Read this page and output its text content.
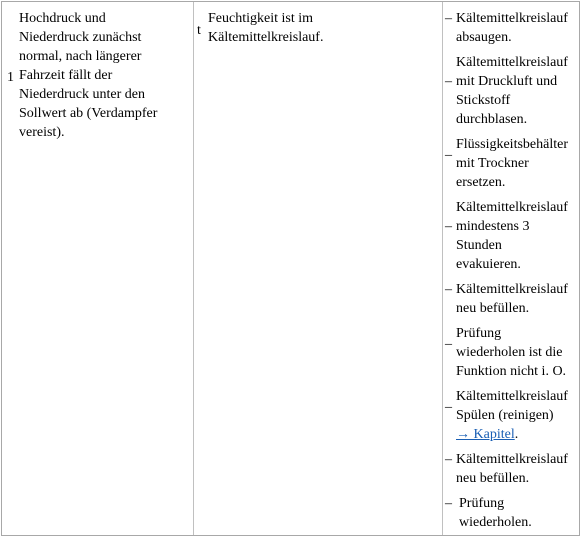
1
Hochdruck und
Niederdruck zunächst
normal, nach längerer
Fahrzeit fällt der
Niederdruck unter den
Sollwert ab (Verdampfer
vereist).
t
Feuchtigkeit ist im
Kältemittelkreislauf.
– Kältemittelkreislauf
absaugen.
–
Kältemittelkreislauf
mit Druckluft und
Stickstoff
durchblasen.
_ Flüssigkeitsbehälter
mit Trockner
ersetzen.
–
Kältemittelkreislauf
mindestens 3
Stunden
evakuieren.
– Kältemittelkreislauf
neu befüllen.
_ Prüfung
wiederholen ist die
Funktion nicht i. O.
_ Kältemittelkreislauf
Spülen (reinigen)
→ Kapitel.
– Kältemittelkreislauf
neu befüllen.
– Prüfung
wiederholen.
